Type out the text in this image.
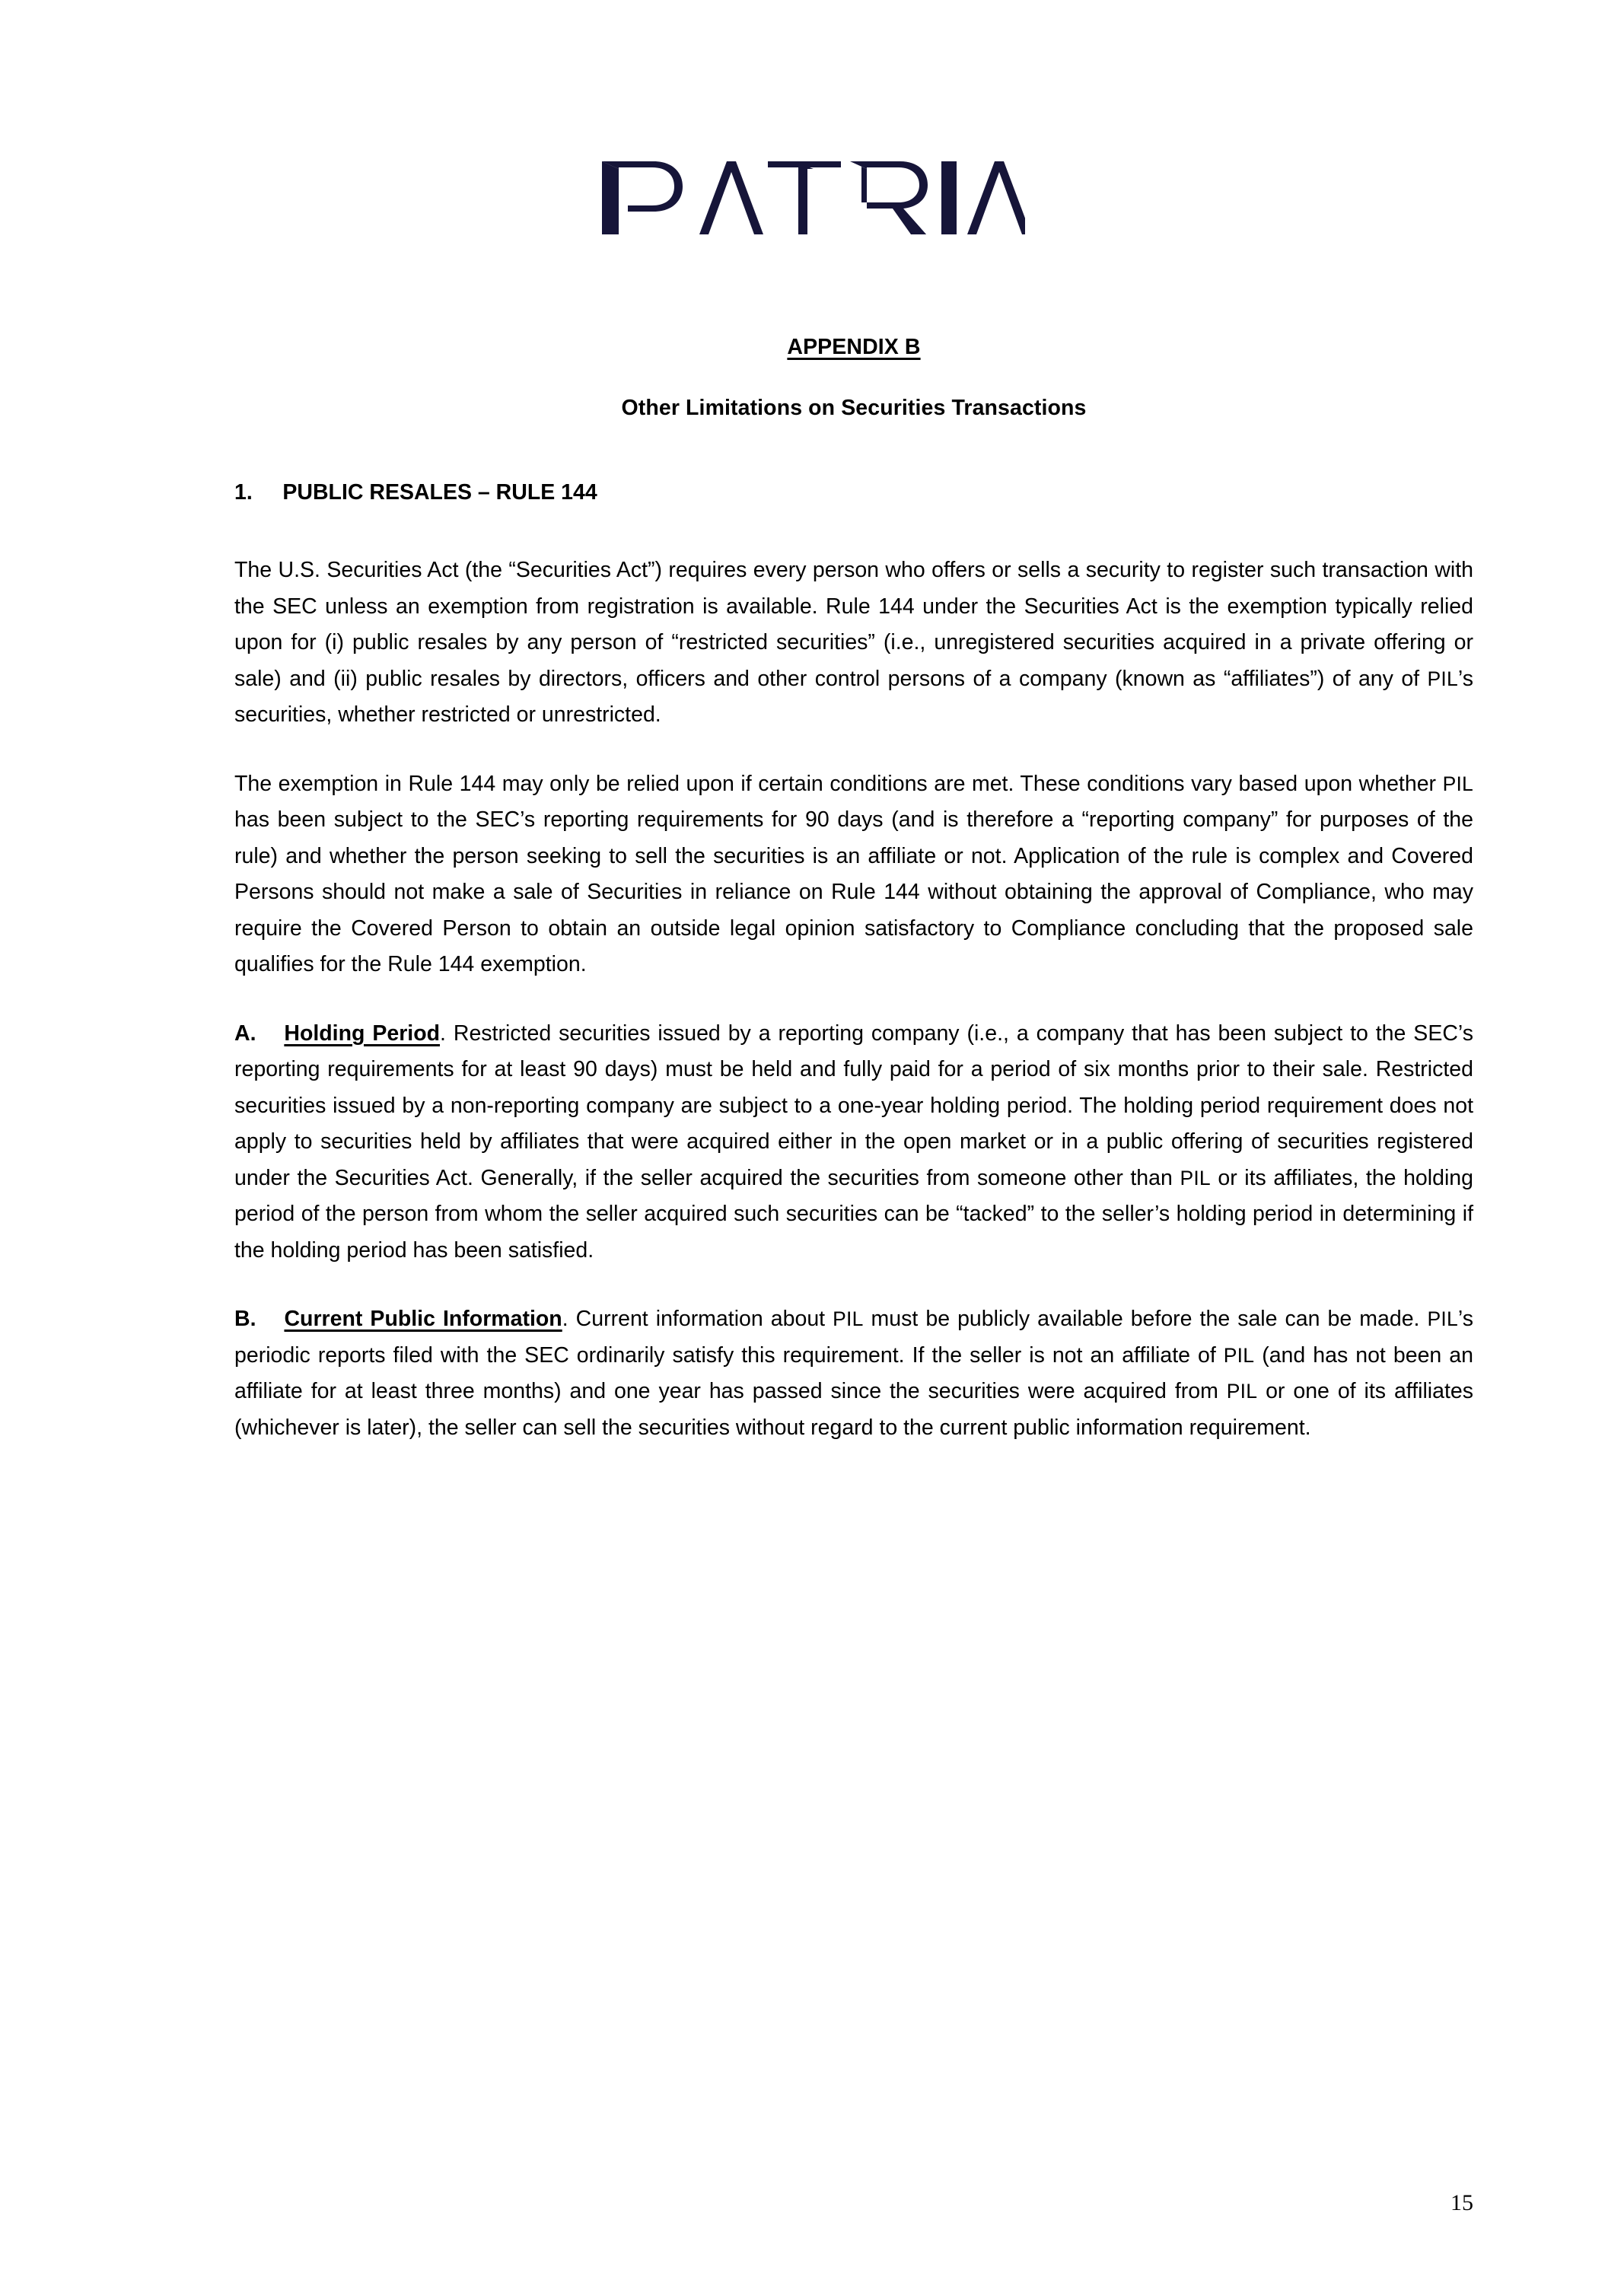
APPENDIX B
Other Limitations on Securities Transactions
1.	PUBLIC RESALES – RULE 144

The U.S. Securities Act (the “Securities Act”) requires every person who offers or sells a security to register such transaction with the SEC unless an exemption from registration is available. Rule 144 under the Securities Act is the exemption typically relied upon for (i) public resales by any person of “restricted securities” (i.e., unregistered securities acquired in a private offering or sale) and (ii) public resales by directors, officers and other control persons of a company (known as “affiliates”) of any of PIL’s securities, whether restricted or unrestricted.

The exemption in Rule 144 may only be relied upon if certain conditions are met. These conditions vary based upon whether PIL has been subject to the SEC’s reporting requirements for 90 days (and is therefore a “reporting company” for purposes of the rule) and whether the person seeking to sell the securities is an affiliate or not. Application of the rule is complex and Covered Persons should not make a sale of Securities in reliance on Rule 144 without obtaining the approval of Compliance, who may require the Covered Person to obtain an outside legal opinion satisfactory to Compliance concluding that the proposed sale qualifies for the Rule 144 exemption.

A.	Holding Period. Restricted securities issued by a reporting company (i.e., a company that has been subject to the SEC’s reporting requirements for at least 90 days) must be held and fully paid for a period of six months prior to their sale. Restricted securities issued by a non-reporting company are subject to a one-year holding period. The holding period requirement does not apply to securities held by affiliates that were acquired either in the open market or in a public offering of securities registered under the Securities Act. Generally, if the seller acquired the securities from someone other than PIL or its affiliates, the holding period of the person from whom the seller acquired such securities can be “tacked” to the seller’s holding period in determining if the holding period has been satisfied.

B.	Current Public Information. Current information about PIL must be publicly available before the sale can be made. PIL’s periodic reports filed with the SEC ordinarily satisfy this requirement. If the seller is not an affiliate of PIL (and has not been an affiliate for at least three months) and one year has passed since the securities were acquired from PIL or one of its affiliates (whichever is later), the seller can sell the securities without regard to the current public information requirement.

15
